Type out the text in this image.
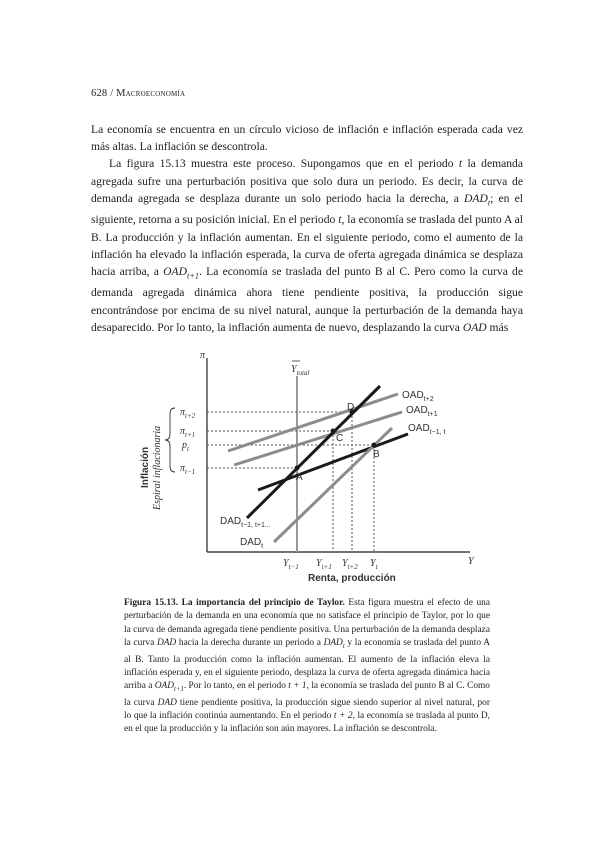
628 / Macroeconomía

La economía se encuentra en un círculo vicioso de inflación e inflación esperada cada vez más altas. La inflación se descontrola.

La figura 15.13 muestra este proceso. Supongamos que en el periodo t la demanda agregada sufre una perturbación positiva que solo dura un periodo. Es decir, la curva de demanda agregada se desplaza durante un solo periodo hacia la derecha, a $DAD_t$; en el siguiente, retorna a su posición inicial. En el periodo t, la economía se traslada del punto A al B. La producción y la inflación aumentan. En el siguiente periodo, como el aumento de la inflación ha elevado la inflación esperada, la curva de oferta agregada dinámica se desplaza hacia arriba, a $OAD_{t+1}$. La economía se traslada del punto B al C. Pero como la curva de demanda agregada dinámica ahora tiene pendiente positiva, la producción sigue encontrándose por encima de su nivel natural, aunque la perturbación de la demanda haya desaparecido. Por lo tanto, la inflación aumenta de nuevo, desplazando la curva OAD más

π
Y
$Y_{total}$
A
B
C
D
$OAD_{t+2}$
$OAD_{t+1}$
$OAD_{t-1, t}$
$DAD_{t-1, t+1...}$
$DAD_t$
$\pi_{t+2}$
$\pi_{t+1}$
$p_t$
$\pi_{t-1}$
Inflación Espiral inflacionaria
$Y_{t-1}$ $Y_{t+1}$ $Y_{t+2}$ $Y_t$
Renta, producción
Figura 15.13. La importancia del principio de Taylor. Esta figura muestra el efecto de una perturbación de la demanda en una economía que no satisface el principio de Taylor, por lo que la curva de demanda agregada tiene pendiente positiva. Una perturbación de la demanda desplaza la curva DAD hacia la derecha durante un periodo a $DAD_t$ y la economía se traslada del punto A al B. Tanto la producción como la inflación aumentan. El aumento de la inflación eleva la inflación esperada y, en el siguiente periodo, desplaza la curva de oferta agregada dinámica hacia arriba a $OAD_{t+1}$. Por lo tanto, en el periodo t + 1, la economía se traslada del punto B al C. Como la curva DAD tiene pendiente positiva, la producción sigue siendo superior al nivel natural, por lo que la inflación continúa aumentando. En el periodo t + 2, la economía se traslada al punto D, en el que la producción y la inflación son aún mayores. La inflación se descontrola.
